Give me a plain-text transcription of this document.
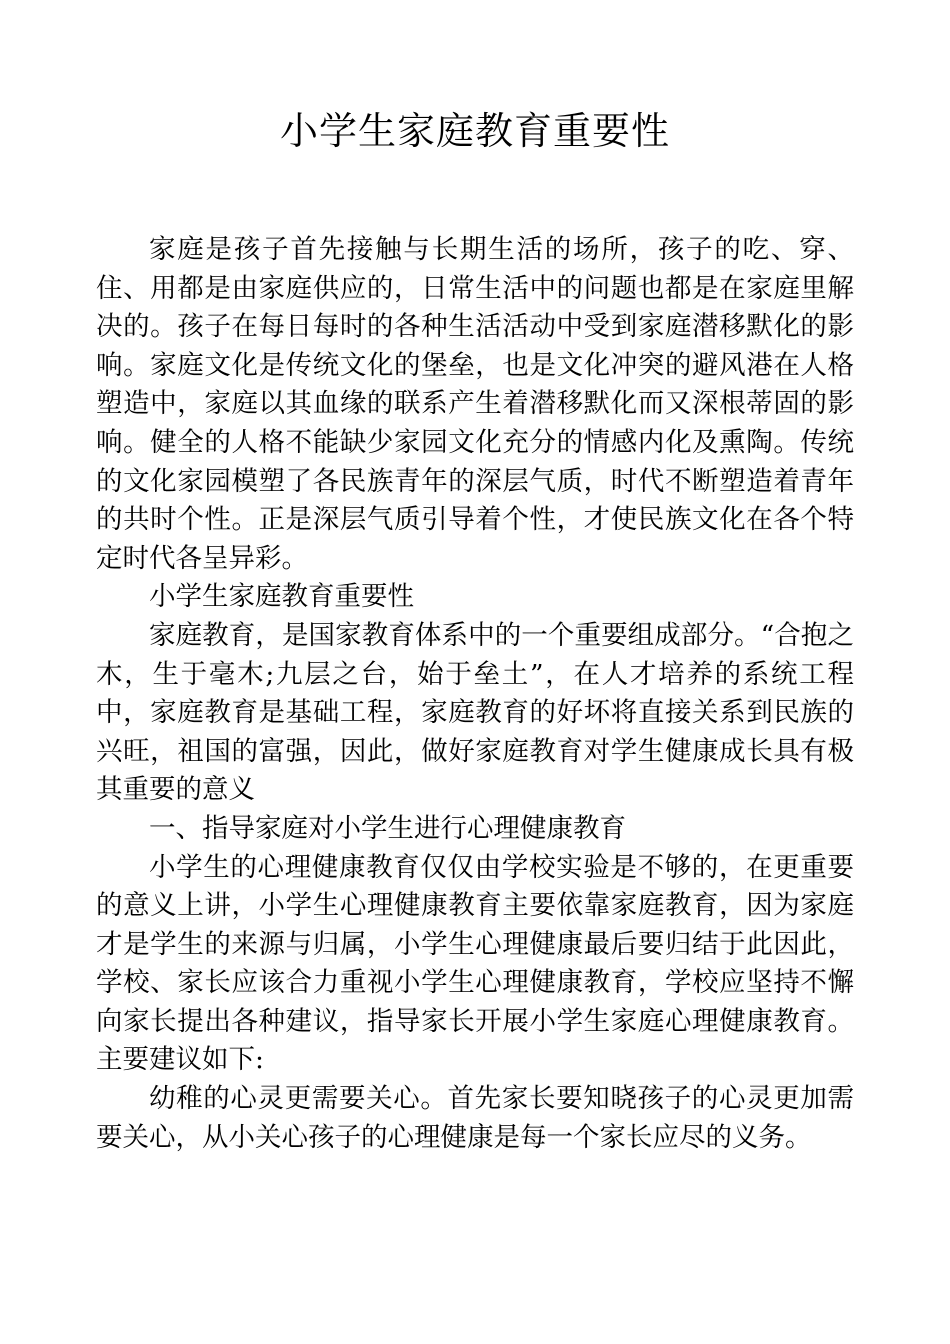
小学生家庭教育重要性

家庭是孩子首先接触与长期生活的场所，孩子的吃、穿、住、用都是由家庭供应的，日常生活中的问题也都是在家庭里解决的。孩子在每日每时的各种生活活动中受到家庭潜移默化的影响。家庭文化是传统文化的堡垒，也是文化冲突的避风港在人格塑造中，家庭以其血缘的联系产生着潜移默化而又深根蒂固的影响。健全的人格不能缺少家园文化充分的情感内化及熏陶。传统的文化家园模塑了各民族青年的深层气质，时代不断塑造着青年的共时个性。正是深层气质引导着个性，才使民族文化在各个特定时代各呈异彩。

小学生家庭教育重要性

家庭教育，是国家教育体系中的一个重要组成部分。“合抱之木，生于毫木;九层之台，始于垒土”，在人才培养的系统工程中，家庭教育是基础工程，家庭教育的好坏将直接关系到民族的兴旺，祖国的富强，因此，做好家庭教育对学生健康成长具有极其重要的意义

一、指导家庭对小学生进行心理健康教育

小学生的心理健康教育仅仅由学校实验是不够的，在更重要的意义上讲，小学生心理健康教育主要依靠家庭教育，因为家庭才是学生的来源与归属，小学生心理健康最后要归结于此因此，学校、家长应该合力重视小学生心理健康教育，学校应坚持不懈向家长提出各种建议，指导家长开展小学生家庭心理健康教育。主要建议如下:

幼稚的心灵更需要关心。首先家长要知晓孩子的心灵更加需要关心，从小关心孩子的心理健康是每一个家长应尽的义务。
